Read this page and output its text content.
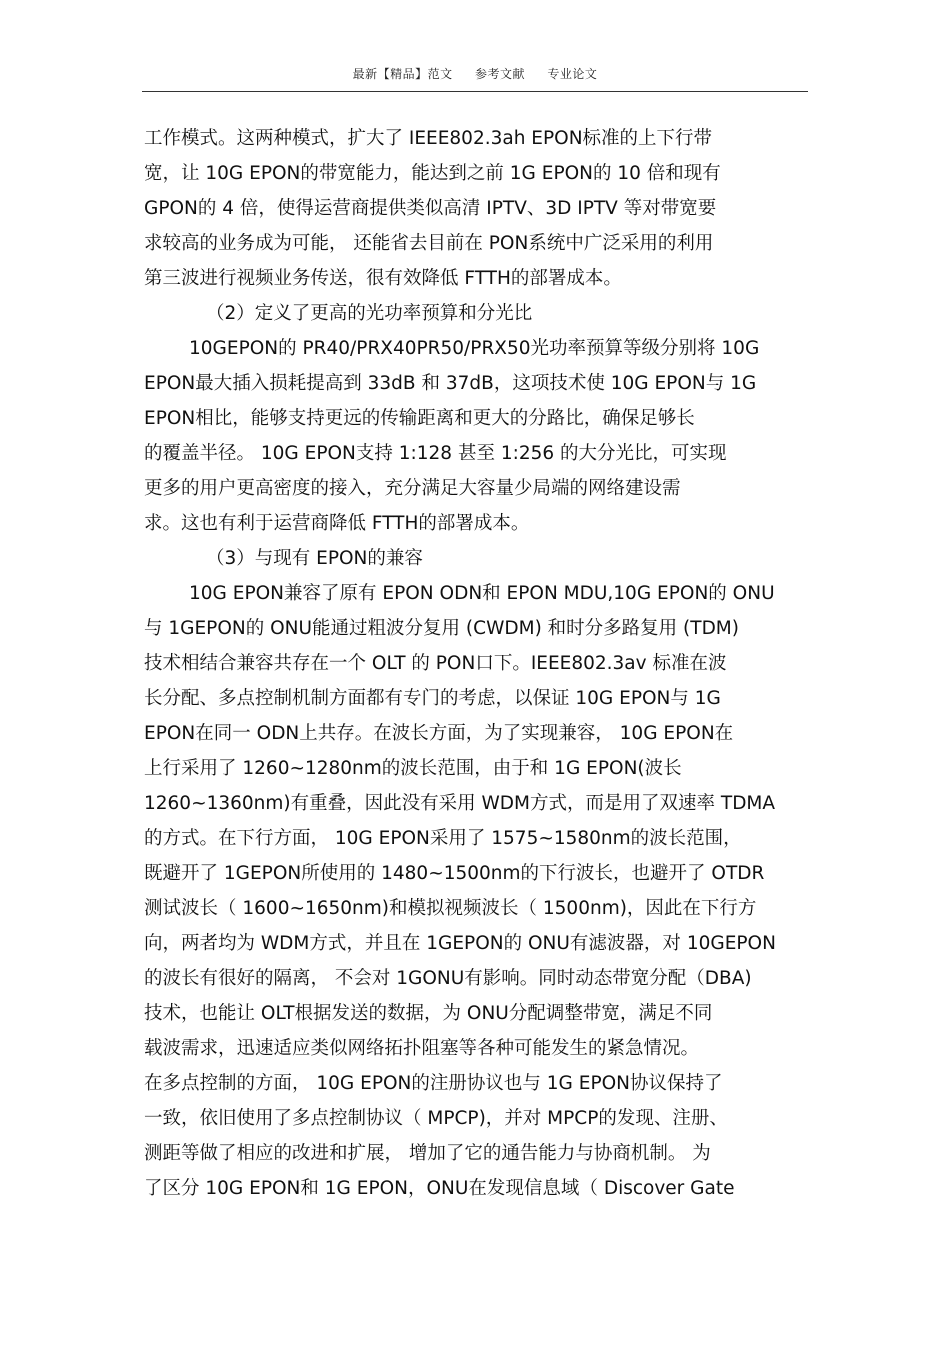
最新【精品】范文 参考文献 专业论文
工作模式。这两种模式，扩大了 IEEE802.3ah EPON标准的上下行带
宽，让 10G EPON的带宽能力，能达到之前 1G EPON的 10 倍和现有
GPON的 4 倍，使得运营商提供类似高清 IPTV、3D IPTV 等对带宽要
求较高的业务成为可能， 还能省去目前在 PON系统中广泛采用的利用
第三波进行视频业务传送，很有效降低 FTTH的部署成本。
（2）定义了更高的光功率预算和分光比
10GEPON的 PR40/PRX40PR50/PRX50光功率预算等级分别将 10G
EPON最大插入损耗提高到 33dB 和 37dB，这项技术使 10G EPON与 1G
EPON相比，能够支持更远的传输距离和更大的分路比，确保足够长
的覆盖半径。 10G EPON支持 1:128 甚至 1:256 的大分光比，可实现
更多的用户更高密度的接入，充分满足大容量少局端的网络建设需
求。这也有利于运营商降低 FTTH的部署成本。
（3）与现有 EPON的兼容
10G EPON兼容了原有 EPON ODN和 EPON MDU,10G EPON的 ONU
与 1GEPON的 ONU能通过粗波分复用 (CWDM) 和时分多路复用 (TDM)
技术相结合兼容共存在一个 OLT 的 PON口下。IEEE802.3av 标准在波
长分配、多点控制机制方面都有专门的考虑，以保证 10G EPON与 1G
EPON在同一 ODN上共存。在波长方面，为了实现兼容， 10G EPON在
上行采用了 1260~1280nm的波长范围，由于和 1G EPON(波长
1260~1360nm)有重叠，因此没有采用 WDM方式，而是用了双速率 TDMA
的方式。在下行方面， 10G EPON采用了 1575~1580nm的波长范围，
既避开了 1GEPON所使用的 1480~1500nm的下行波长，也避开了 OTDR
测试波长（ 1600~1650nm)和模拟视频波长（ 1500nm)，因此在下行方
向，两者均为 WDM方式，并且在 1GEPON的 ONU有滤波器，对 10GEPON
的波长有很好的隔离， 不会对 1GONU有影响。同时动态带宽分配（DBA)
技术，也能让 OLT根据发送的数据，为 ONU分配调整带宽，满足不同
载波需求，迅速适应类似网络拓扑阻塞等各种可能发生的紧急情况。
在多点控制的方面， 10G EPON的注册协议也与 1G EPON协议保持了
一致，依旧使用了多点控制协议（ MPCP)，并对 MPCP的发现、注册、
测距等做了相应的改进和扩展， 增加了它的通告能力与协商机制。 为
了区分 10G EPON和 1G EPON，ONU在发现信息域（ Discover Gate
